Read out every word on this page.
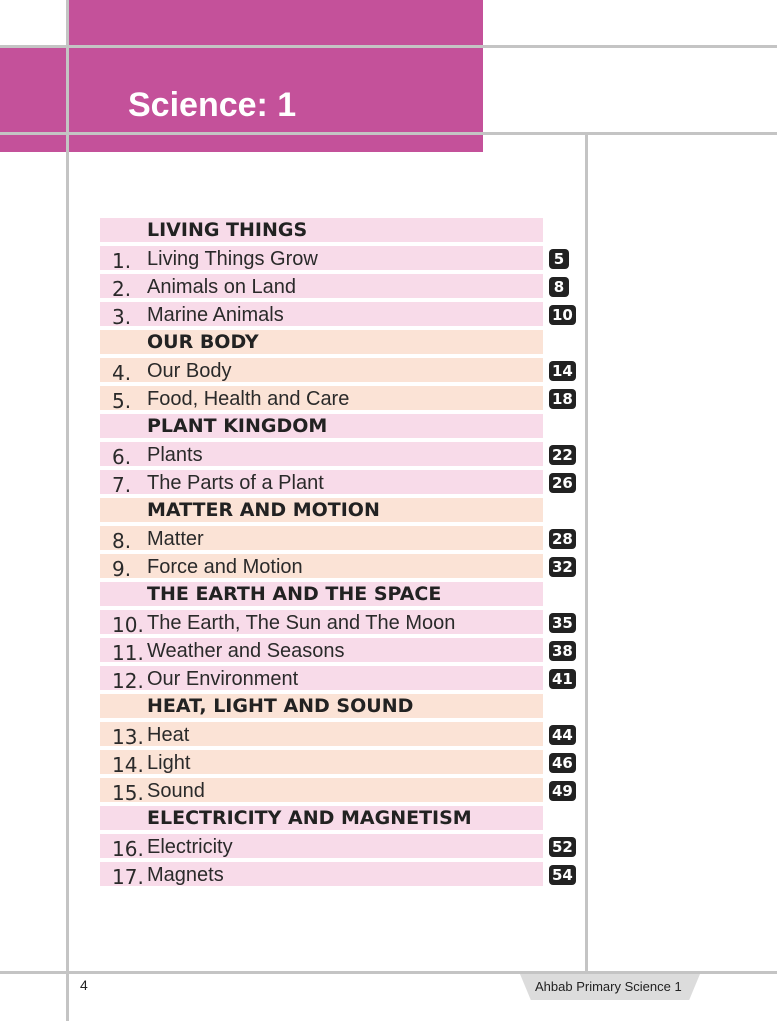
Science: 1
LIVING THINGS
1. Living Things Grow	5
2. Animals on Land	8
3. Marine Animals	10
OUR BODY
4. Our Body	14
5. Food, Health and Care	18
PLANT KINGDOM
6. Plants	22
7. The Parts of a Plant	26
MATTER AND MOTION
8. Matter	28
9. Force and Motion	32
THE EARTH AND THE SPACE
10. The Earth, The Sun and The Moon	35
11. Weather and Seasons	38
12. Our Environment	41
HEAT, LIGHT AND SOUND
13. Heat	44
14. Light	46
15. Sound	49
ELECTRICITY AND MAGNETISM
16. Electricity	52
17. Magnets	54
4	Ahbab Primary Science 1
